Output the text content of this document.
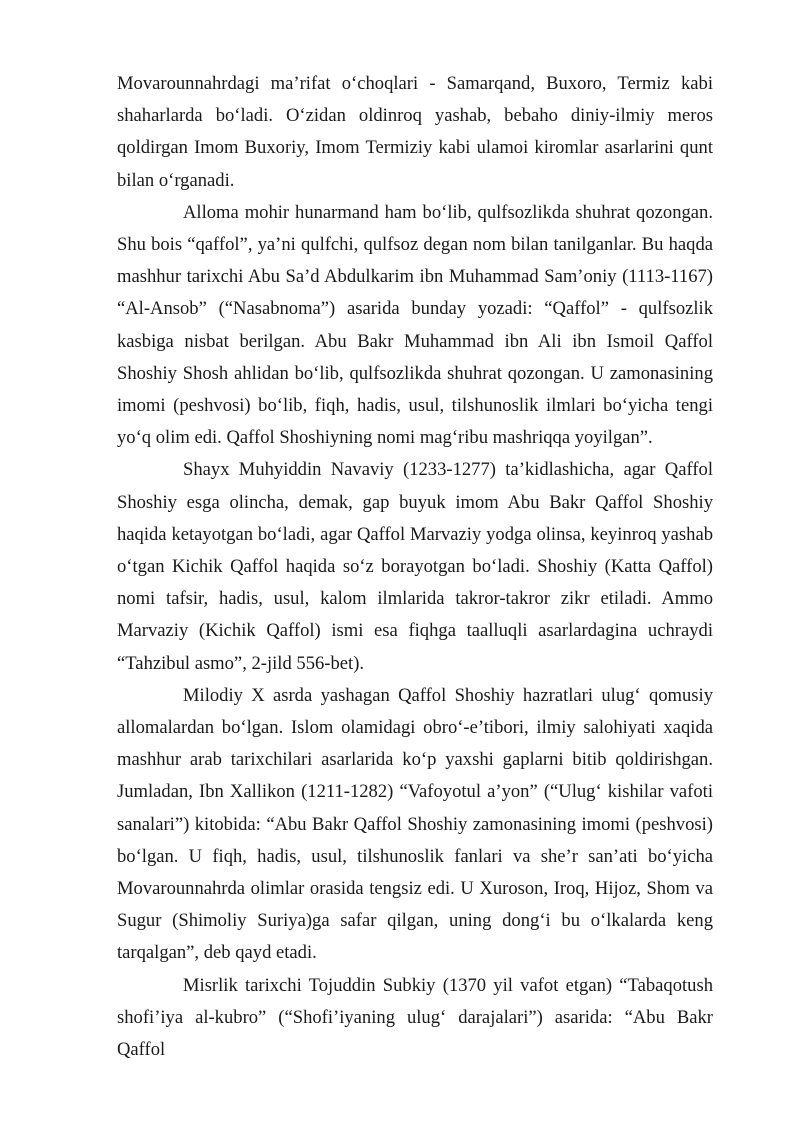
Movarounnahrdagi ma’rifat o‘choqlari - Samarqand, Buxoro, Termiz kabi shaharlarda bo‘ladi. O‘zidan oldinroq yashab, bebaho diniy-ilmiy meros qoldirgan Imom Buxoriy, Imom Termiziy kabi ulamoi kiromlar asarlarini qunt bilan o‘rganadi.

Alloma mohir hunarmand ham bo‘lib, qulfsozlikda shuhrat qozongan. Shu bois “qaffol”, ya’ni qulfchi, qulfsoz degan nom bilan tanilganlar. Bu haqda mashhur tarixchi Abu Sa’d Abdulkarim ibn Muhammad Sam’oniy (1113-1167) “Al-Ansob” (“Nasabnoma”) asarida bunday yozadi: “Qaffol” - qulfsozlik kasbiga nisbat berilgan. Abu Bakr Muhammad ibn Ali ibn Ismoil Qaffol Shoshiy Shosh ahlidan bo‘lib, qulfsozlikda shuhrat qozongan. U zamonasining imomi (peshvosi) bo‘lib, fiqh, hadis, usul, tilshunoslik ilmlari bo‘yicha tengi yo‘q olim edi. Qaffol Shoshiyning nomi mag‘ribu mashriqqa yoyilgan”.

Shayx Muhyiddin Navaviy (1233-1277) ta’kidlashicha, agar Qaffol Shoshiy esga olincha, demak, gap buyuk imom Abu Bakr Qaffol Shoshiy haqida ketayotgan bo‘ladi, agar Qaffol Marvaziy yodga olinsa, keyinroq yashab o‘tgan Kichik Qaffol haqida so‘z borayotgan bo‘ladi. Shoshiy (Katta Qaffol) nomi tafsir, hadis, usul, kalom ilmlarida takror-takror zikr etiladi. Ammo Marvaziy (Kichik Qaffol) ismi esa fiqhga taalluqli asarlardagina uchraydi “Tahzibul asmo”, 2-jild 556-bet).

Milodiy X asrda yashagan Qaffol Shoshiy hazratlari ulug‘ qomusiy allomalardan bo‘lgan. Islom olamidagi obro‘-e’tibori, ilmiy salohiyati xaqida mashhur arab tarixchilari asarlarida ko‘p yaxshi gaplarni bitib qoldirishgan. Jumladan, Ibn Xallikon (1211-1282) “Vafoyotul a’yon” (“Ulug‘ kishilar vafoti sanalari”) kitobida: “Abu Bakr Qaffol Shoshiy zamonasining imomi (peshvosi) bo‘lgan. U fiqh, hadis, usul, tilshunoslik fanlari va she’r san’ati bo‘yicha Movarounnahrda olimlar orasida tengsiz edi. U Xuroson, Iroq, Hijoz, Shom va Sugur (Shimoliy Suriya)ga safar qilgan, uning dong‘i bu o‘lkalarda keng tarqalgan”, deb qayd etadi.

Misrlik tarixchi Tojuddin Subkiy (1370 yil vafot etgan) “Tabaqotush shofi’iya al-kubro” (“Shofi’iyaning ulug‘ darajalari”) asarida: “Abu Bakr Qaffol
